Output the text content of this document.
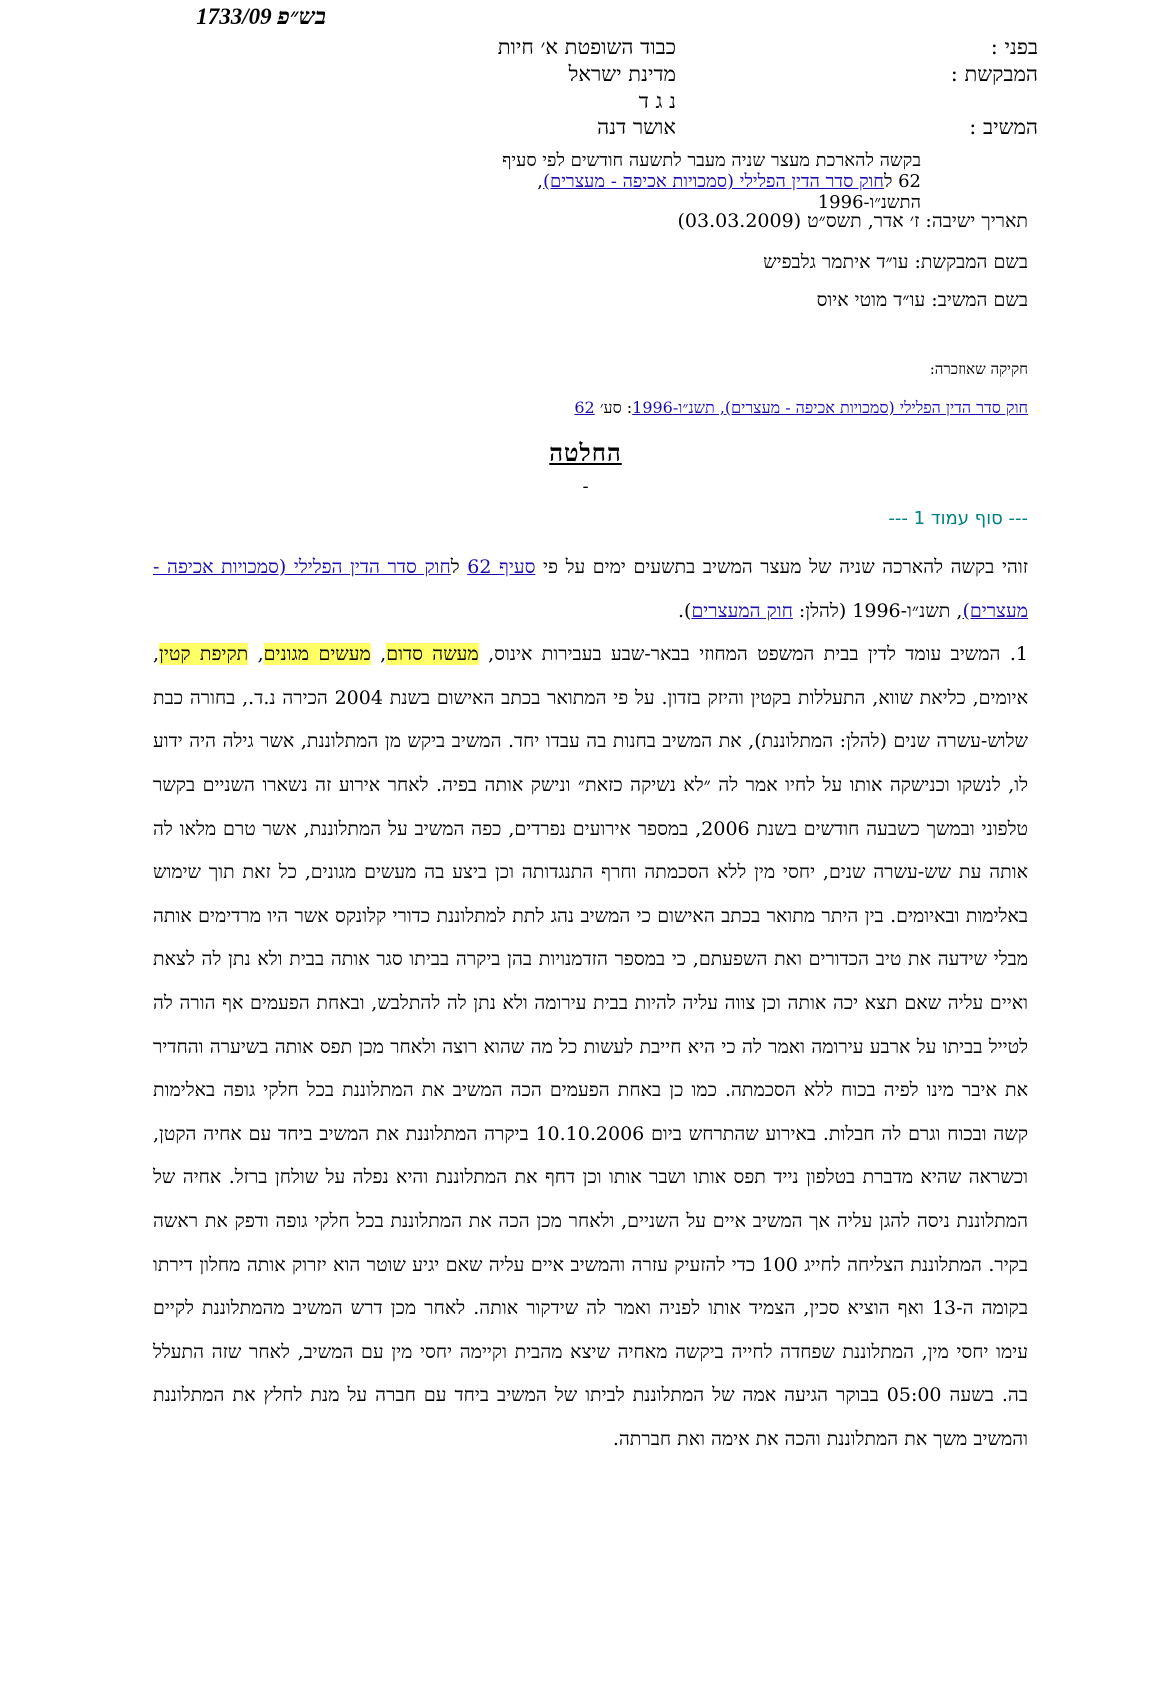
בש״פ 1733/09
בפני :
כבוד השופטת א׳ חיות
המבקשת :
מדינת ישראל
נ ג ד
המשיב :
אושר דנה
בקשה להארכת מעצר שניה מעבר לתשעה חודשים לפי סעיף
62 לחוק סדר הדין הפלילי (סמכויות אכיפה - מעצרים),
התשנ״ו-1996
תאריך ישיבה: ז׳ אדר, תשס״ט (03.03.2009)
בשם המבקשת: עו״ד איתמר גלבפיש
בשם המשיב: עו״ד מוטי איוס
חקיקה שאוזכרה:
חוק סדר הדין הפלילי (סמכויות אכיפה - מעצרים), תשנ״ו-1996: סע׳ 62
החלטה
-
--- סוף עמוד 1 ---

זוהי בקשה להארכה שניה של מעצר המשיב בתשעים ימים על פי סעיף 62 לחוק סדר הדין הפלילי (סמכויות אכיפה - מעצרים), תשנ״ו-1996 (להלן: חוק המעצרים).

1. המשיב עומד לדין בבית המשפט המחוזי בבאר-שבע בעבירות אינוס, מעשה סדום, מעשים מגונים, תקיפת קטין, איומים, כליאת שווא, התעללות בקטין והיזק בזדון. על פי המתואר בכתב האישום בשנת 2004 הכירה נ.ד., בחורה כבת שלוש-עשרה שנים (להלן: המתלוננת), את המשיב בחנות בה עבדו יחד. המשיב ביקש מן המתלוננת, אשר גילה היה ידוע לו, לנשקו וכנישקה אותו על לחיו אמר לה ״לא נשיקה כזאת״ ונישק אותה בפיה. לאחר אירוע זה נשארו השניים בקשר טלפוני ובמשך כשבעה חודשים בשנת 2006, במספר אירועים נפרדים, כפה המשיב על המתלוננת, אשר טרם מלאו לה אותה עת שש-עשרה שנים, יחסי מין ללא הסכמתה וחרף התנגדותה וכן ביצע בה מעשים מגונים, כל זאת תוך שימוש באלימות ובאיומים. בין היתר מתואר בכתב האישום כי המשיב נהג לתת למתלוננת כדורי קלונקס אשר היו מרדימים אותה מבלי שידעה את טיב הכדורים ואת השפעתם, כי במספר הזדמנויות בהן ביקרה בביתו סגר אותה בבית ולא נתן לה לצאת ואיים עליה שאם תצא יכה אותה וכן צווה עליה להיות בבית עירומה ולא נתן לה להתלבש, ובאחת הפעמים אף הורה לה לטייל בביתו על ארבע עירומה ואמר לה כי היא חייבת לעשות כל מה שהוא רוצה ולאחר מכן תפס אותה בשיערה והחדיר את איבר מינו לפיה בכוח ללא הסכמתה. כמו כן באחת הפעמים הכה המשיב את המתלוננת בכל חלקי גופה באלימות קשה ובכוח וגרם לה חבלות. באירוע שהתרחש ביום 10.10.2006 ביקרה המתלוננת את המשיב ביחד עם אחיה הקטן, וכשראה שהיא מדברת בטלפון נייד תפס אותו ושבר אותו וכן דחף את המתלוננת והיא נפלה על שולחן ברזל. אחיה של המתלוננת ניסה להגן עליה אך המשיב איים על השניים, ולאחר מכן הכה את המתלוננת בכל חלקי גופה ודפק את ראשה בקיר. המתלוננת הצליחה לחייג 100 כדי להזעיק עזרה והמשיב איים עליה שאם יגיע שוטר הוא יזרוק אותה מחלון דירתו בקומה ה-13 ואף הוציא סכין, הצמיד אותו לפניה ואמר לה שידקור אותה. לאחר מכן דרש המשיב מהמתלוננת לקיים עימו יחסי מין, המתלוננת שפחדה לחייה ביקשה מאחיה שיצא מהבית וקיימה יחסי מין עם המשיב, לאחר שזה התעלל בה. בשעה 05:00 בבוקר הגיעה אמה של המתלוננת לביתו של המשיב ביחד עם חברה על מנת לחלץ את המתלוננת והמשיב משך את המתלוננת והכה את אימה ואת חברתה.
